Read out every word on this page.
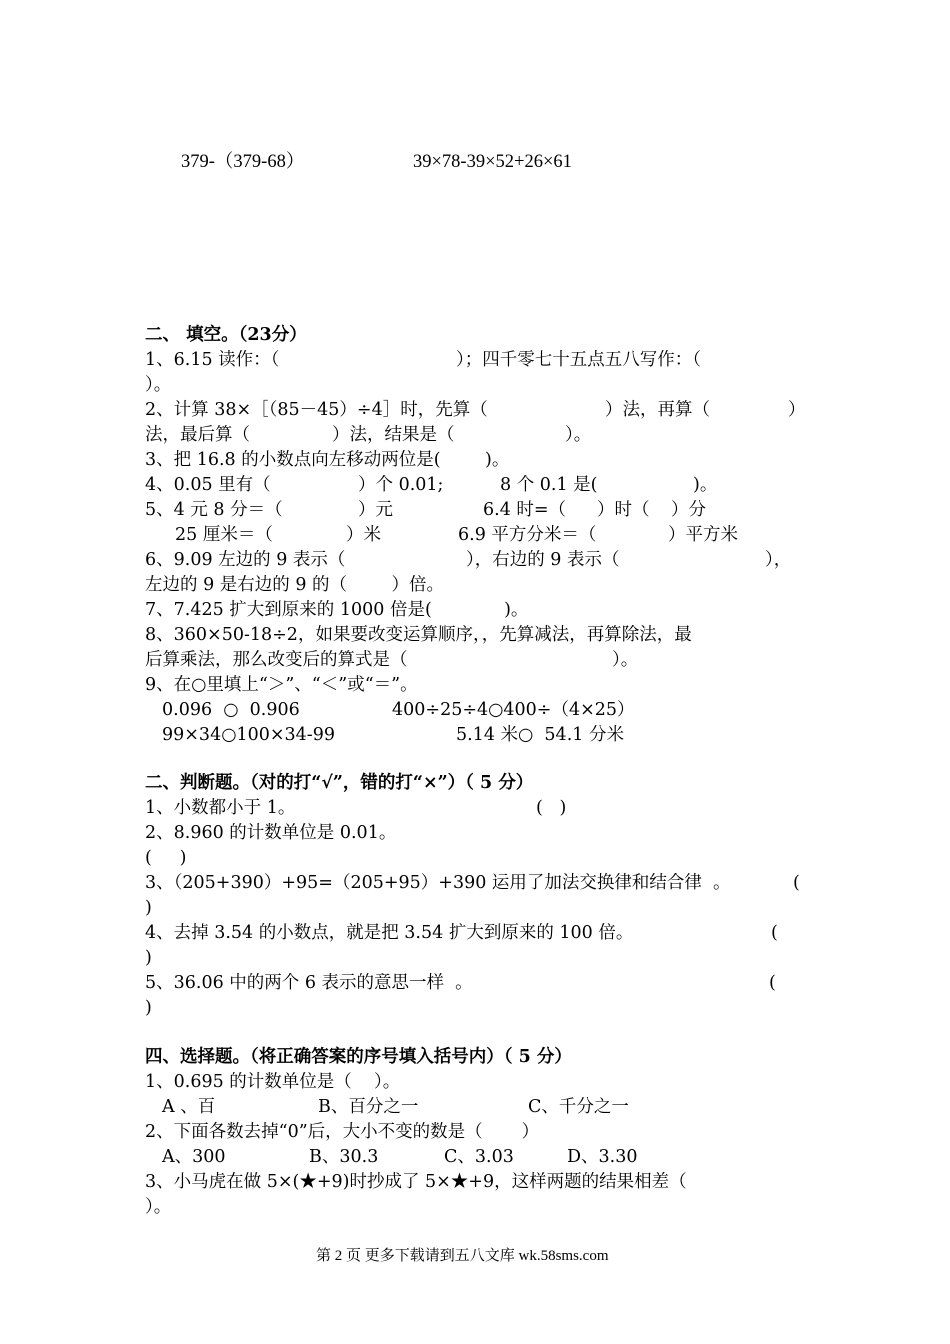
379-（379-68）	39×78-39×52+26×61
二、 填空。（23分）
1、6.15 读作：（	）；四千零七十五点五八写作：（
）。
2、计算 38×［（85－45）÷4］时，先算（	）法，再算（	）
法，最后算（	）法，结果是（	）。
3、把 16.8 的小数点向左移动两位是(        )。
4、0.05 里有（	）个 0.01;	8 个 0.1 是(	)。
5、4 元 8 分＝（	）元	6.4 时=（ ）时（ ）分
25 厘米＝（	）米	6.9 平方分米＝（	）平方米
6、9.09 左边的 9 表示（	），右边的 9 表示（	），
左边的 9 是右边的 9 的（        ）倍。
7、7.425 扩大到原来的 1000 倍是(             )。
8、360×50-18÷2，如果要改变运算顺序，，先算减法，再算除法，最
后算乘法，那么改变后的算式是（	）。
9、在○里填上“＞”、“＜”或“＝”。
0.096  ○  0.906	400÷25÷4○400÷（4×25）
99×34○100×34-99	5.14 米○  54.1 分米
二、判断题。（对的打“√”，错的打“×”）（ 5 分）
1、小数都小于 1。	(   )
2、8.960 的计数单位是 0.01。
(     )
3、（205+390）+95=（205+95）+390 运用了加法交换律和结合律  。	(
)
4、去掉 3.54 的小数点，就是把 3.54 扩大到原来的 100 倍。	(
)
5、36.06 中的两个 6 表示的意思一样  。	(
)
四、选择题。（将正确答案的序号填入括号内）（ 5 分）
1、0.695 的计数单位是（    ）。
A 、百	B、百分之一	C、千分之一
2、下面各数去掉“0”后，大小不变的数是（       ）
A、300	B、30.3	C、3.03	D、3.30
3、小马虎在做 5×(★+9)时抄成了 5×★+9，这样两题的结果相差（
）。
第 2 页 更多下载请到五八文库 wk.58sms.com
